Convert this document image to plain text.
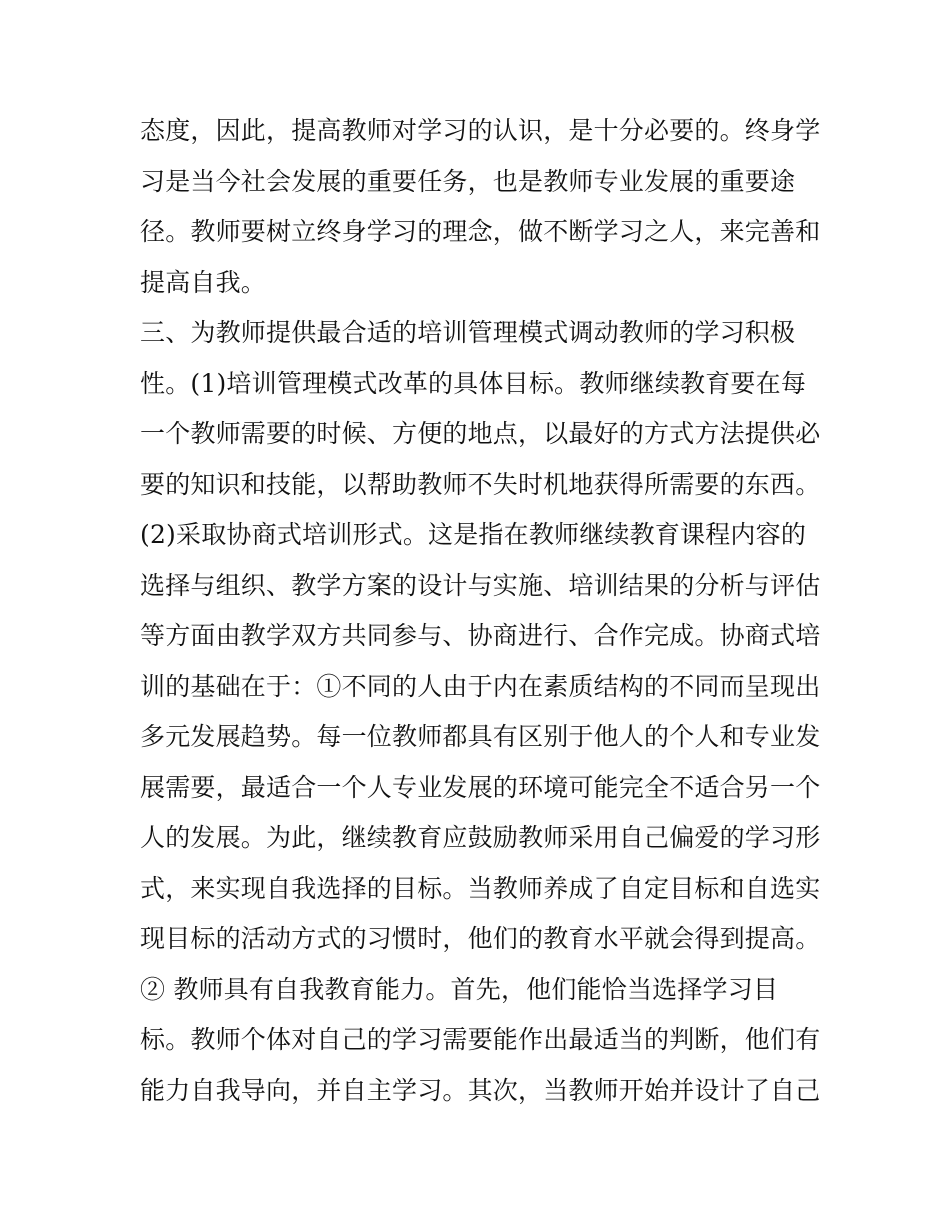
态度，因此，提高教师对学习的认识，是十分必要的。终身学
习是当今社会发展的重要任务，也是教师专业发展的重要途
径。教师要树立终身学习的理念，做不断学习之人，来完善和
提高自我。
三、为教师提供最合适的培训管理模式调动教师的学习积极
性。(1)培训管理模式改革的具体目标。教师继续教育要在每
一个教师需要的时候、方便的地点，以最好的方式方法提供必
要的知识和技能，以帮助教师不失时机地获得所需要的东西。
(2)采取协商式培训形式。这是指在教师继续教育课程内容的
选择与组织、教学方案的设计与实施、培训结果的分析与评估
等方面由教学双方共同参与、协商进行、合作完成。协商式培
训的基础在于：①不同的人由于内在素质结构的不同而呈现出
多元发展趋势。每一位教师都具有区别于他人的个人和专业发
展需要，最适合一个人专业发展的环境可能完全不适合另一个
人的发展。为此，继续教育应鼓励教师采用自己偏爱的学习形
式，来实现自我选择的目标。当教师养成了自定目标和自选实
现目标的活动方式的习惯时，他们的教育水平就会得到提高。
② 教师具有自我教育能力。首先，他们能恰当选择学习目
标。教师个体对自己的学习需要能作出最适当的判断，他们有
能力自我导向，并自主学习。其次，当教师开始并设计了自己
